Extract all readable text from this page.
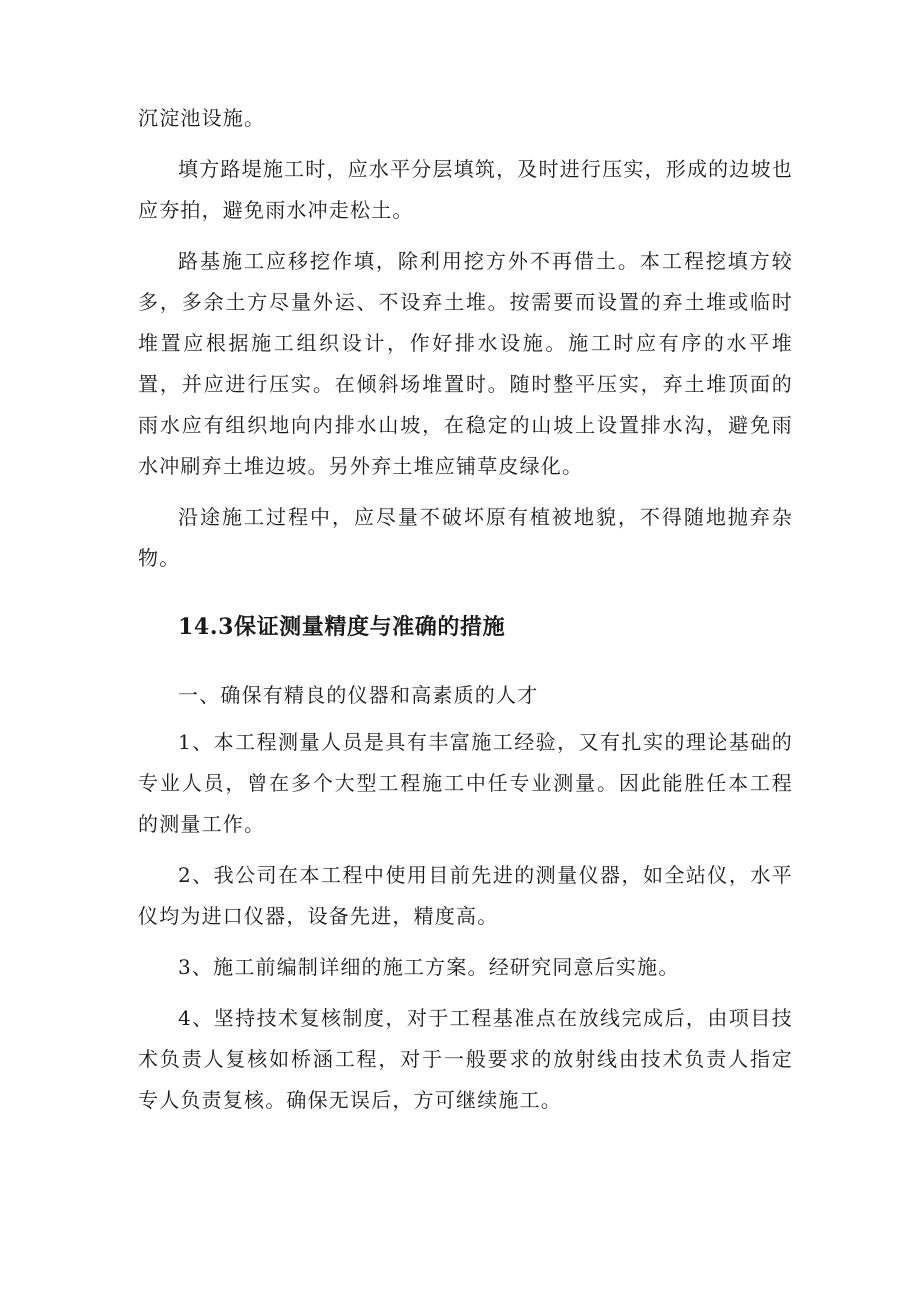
沉淀池设施。

填方路堤施工时，应水平分层填筑，及时进行压实，形成的边坡也应夯拍，避免雨水冲走松土。

路基施工应移挖作填，除利用挖方外不再借土。本工程挖填方较多，多余土方尽量外运、不设弃土堆。按需要而设置的弃土堆或临时堆置应根据施工组织设计，作好排水设施。施工时应有序的水平堆置，并应进行压实。在倾斜场堆置时。随时整平压实，弃土堆顶面的雨水应有组织地向内排水山坡，在稳定的山坡上设置排水沟，避免雨水冲刷弃土堆边坡。另外弃土堆应铺草皮绿化。

沿途施工过程中，应尽量不破坏原有植被地貌，不得随地抛弃杂物。

14.3保证测量精度与准确的措施

一、确保有精良的仪器和高素质的人才

1、本工程测量人员是具有丰富施工经验，又有扎实的理论基础的专业人员，曾在多个大型工程施工中任专业测量。因此能胜任本工程的测量工作。

2、我公司在本工程中使用目前先进的测量仪器，如全站仪，水平仪均为进口仪器，设备先进，精度高。

3、施工前编制详细的施工方案。经研究同意后实施。

4、坚持技术复核制度，对于工程基准点在放线完成后，由项目技术负责人复核如桥涵工程，对于一般要求的放射线由技术负责人指定专人负责复核。确保无误后，方可继续施工。
